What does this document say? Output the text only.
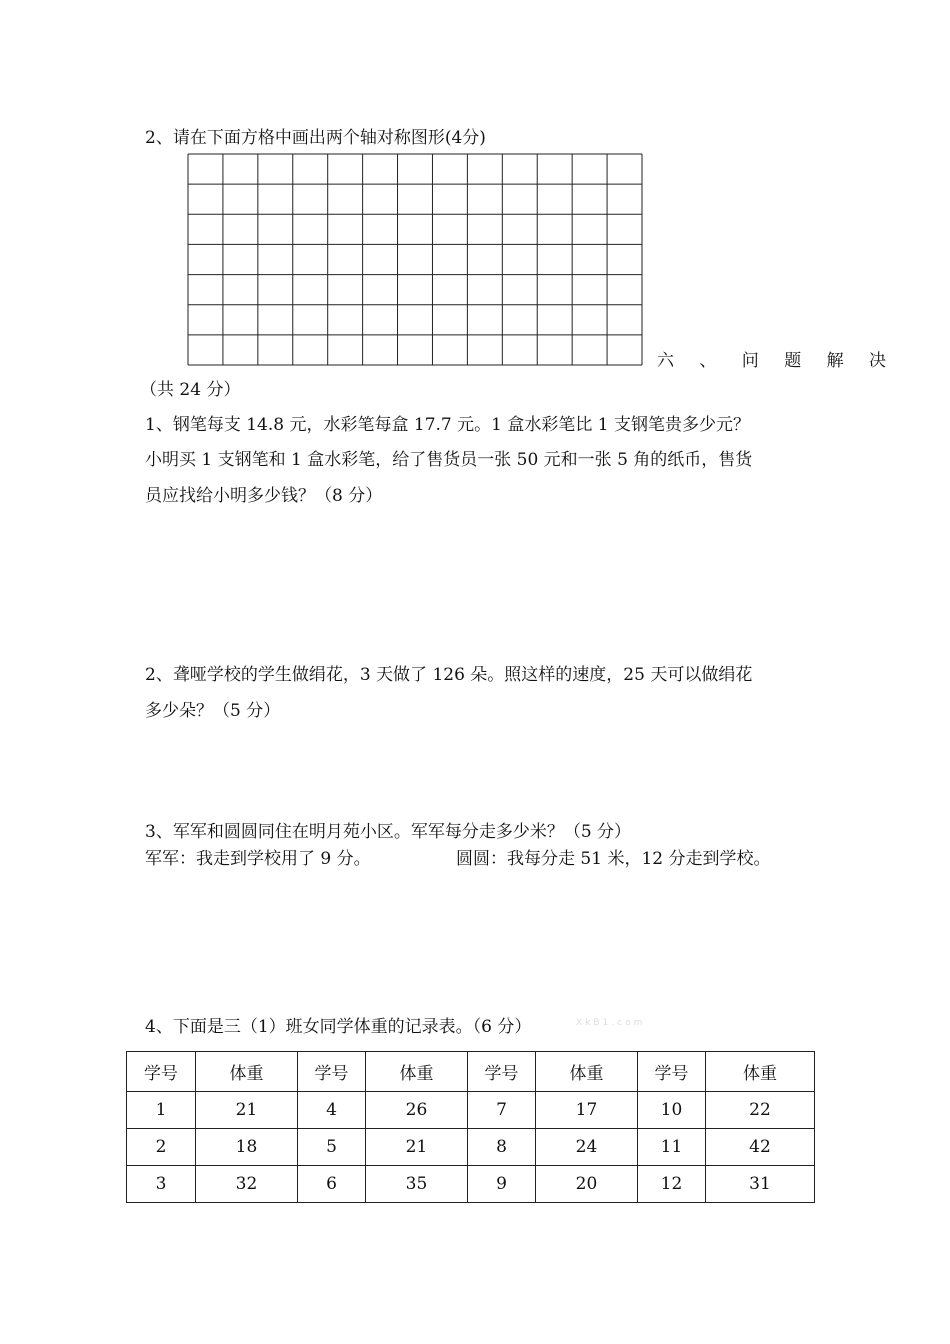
2、请在下面方格中画出两个轴对称图形(4分)
六 、 问 题 解 决
（共 24 分）
1、钢笔每支 14.8 元，水彩笔每盒 17.7 元。1 盒水彩笔比 1 支钢笔贵多少元？
小明买 1 支钢笔和 1 盒水彩笔，给了售货员一张 50 元和一张 5 角的纸币，售货
员应找给小明多少钱？（8 分）
2、聋哑学校的学生做绢花，3 天做了 126 朵。照这样的速度，25 天可以做绢花
多少朵？（5 分）
3、军军和圆圆同住在明月苑小区。军军每分走多少米？（5 分）
军军：我走到学校用了 9 分。	圆圆：我每分走 51 米，12 分走到学校。
4、下面是三（1）班女同学体重的记录表。（6 分）	XkB1.com
学号	体重	学号	体重	学号	体重	学号	体重
1	21	4	26	7	17	10	22
2	18	5	21	8	24	11	42
3	32	6	35	9	20	12	31
